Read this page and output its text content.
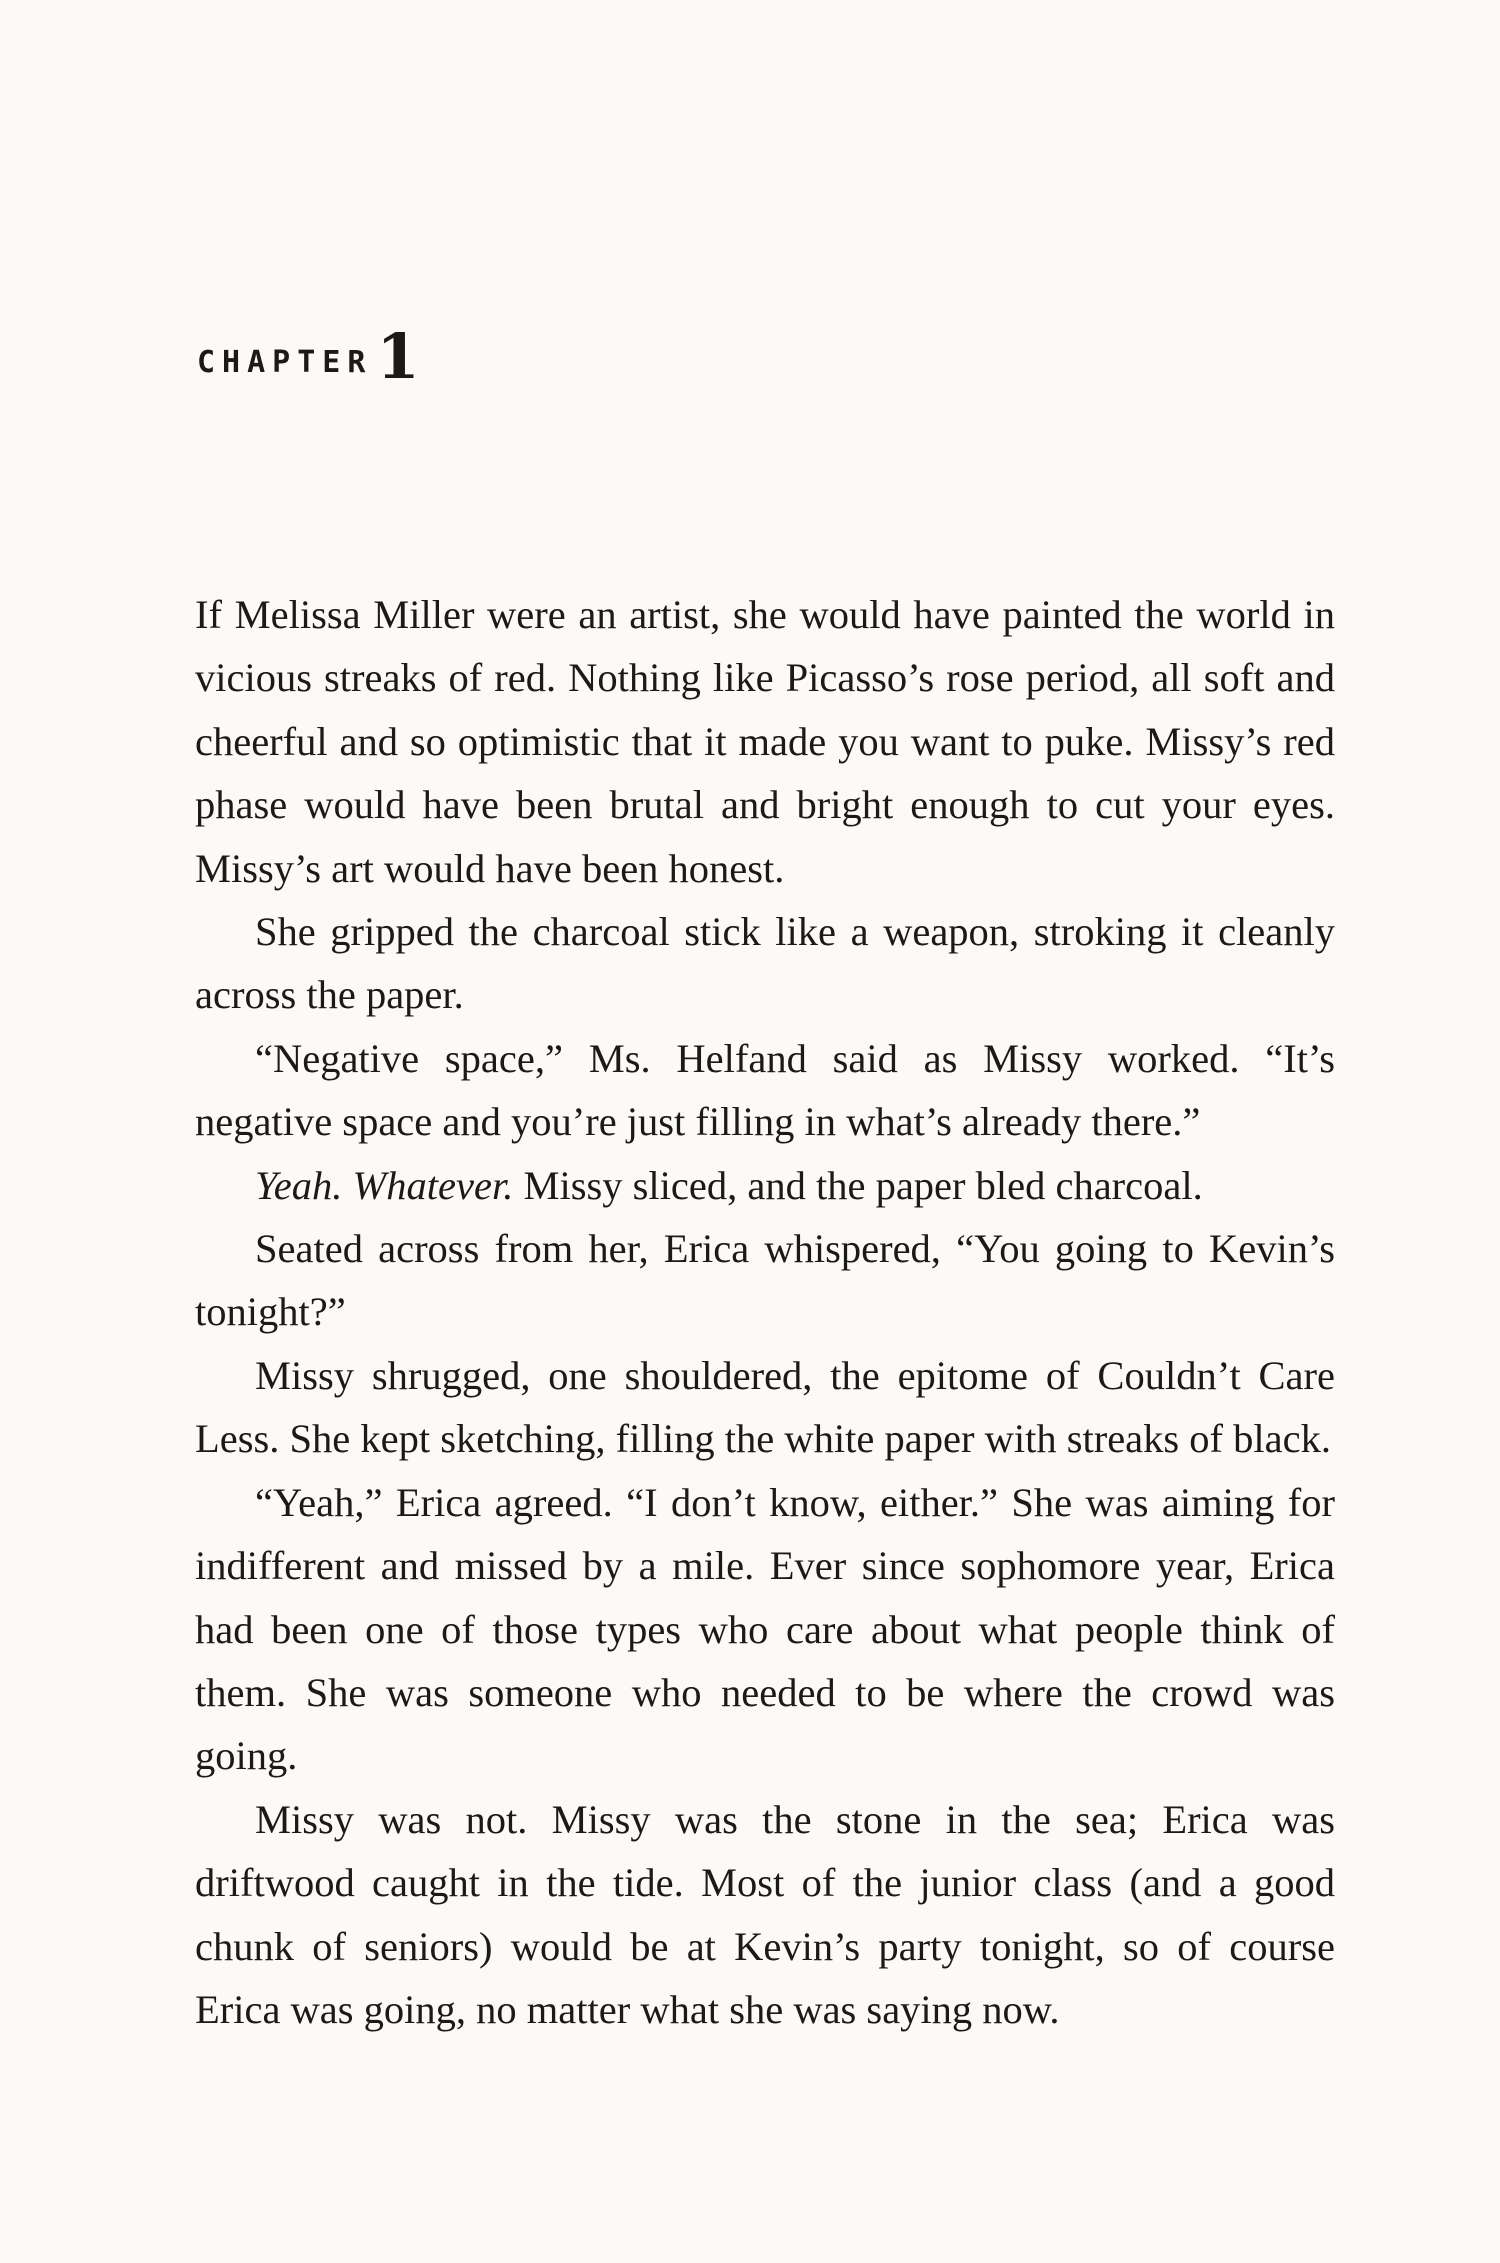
CHAPTER1

If Melissa Miller were an artist, she would have painted the world in vicious streaks of red. Nothing like Picasso’s rose period, all soft and cheerful and so optimistic that it made you want to puke. Missy’s red phase would have been brutal and bright enough to cut your eyes. Missy’s art would have been honest.

She gripped the charcoal stick like a weapon, stroking it cleanly across the paper.

“Negative space,” Ms. Helfand said as Missy worked. “It’s negative space and you’re just filling in what’s already there.”

Yeah. Whatever. Missy sliced, and the paper bled charcoal.

Seated across from her, Erica whispered, “You going to Kevin’s tonight?”

Missy shrugged, one shouldered, the epitome of Couldn’t Care Less. She kept sketching, filling the white paper with streaks of black.

“Yeah,” Erica agreed. “I don’t know, either.” She was aiming for indifferent and missed by a mile. Ever since sophomore year, Erica had been one of those types who care about what people think of them. She was someone who needed to be where the crowd was going.

Missy was not. Missy was the stone in the sea; Erica was driftwood caught in the tide. Most of the junior class (and a good chunk of seniors) would be at Kevin’s party tonight, so of course Erica was going, no matter what she was saying now.
